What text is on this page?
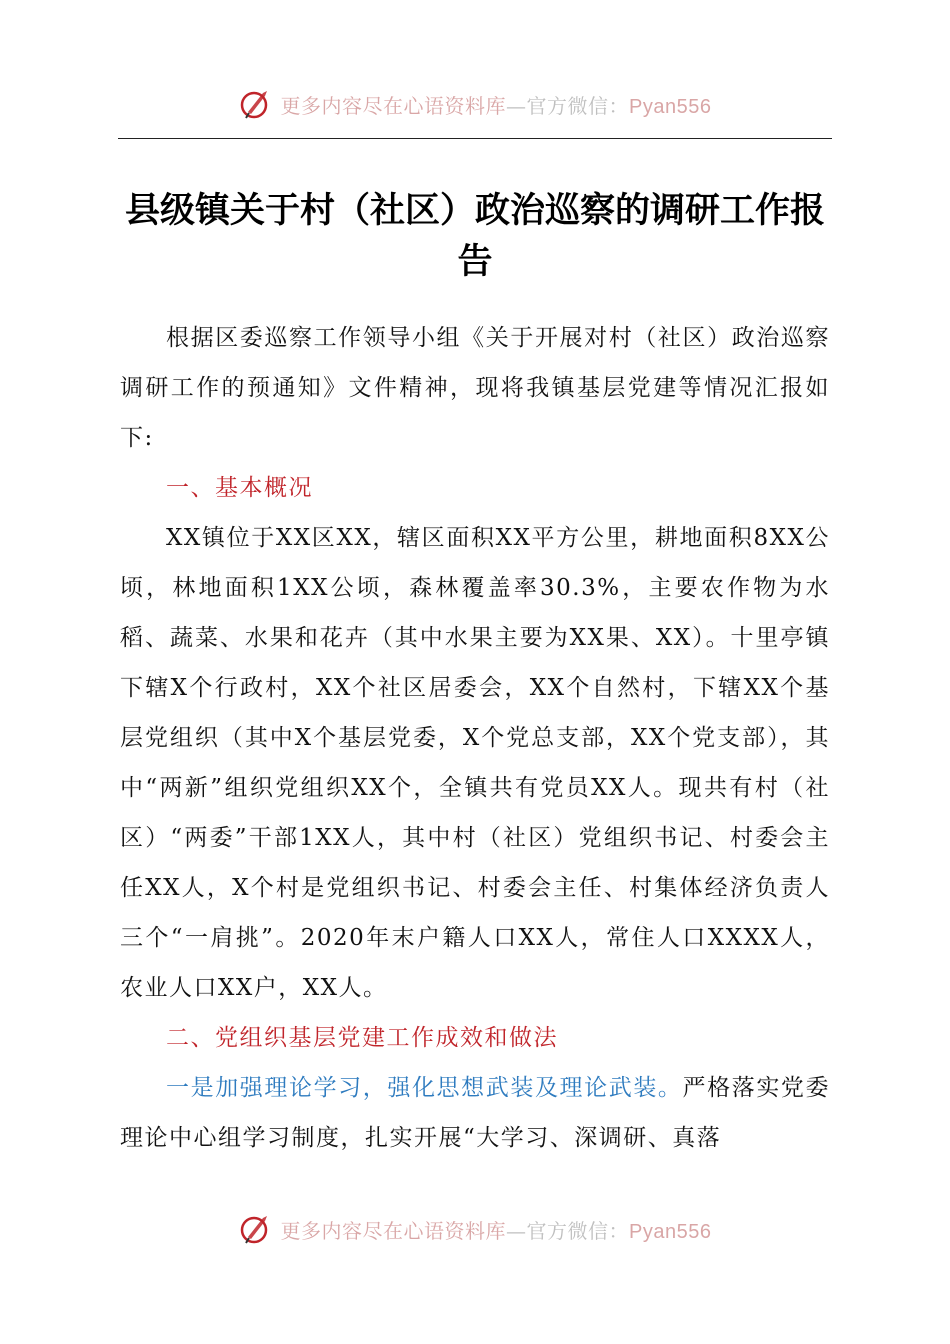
更多内容尽在心语资料库—官方微信：Pyan556
县级镇关于村（社区）政治巡察的调研工作报告

根据区委巡察工作领导小组《关于开展对村（社区）政治巡察调研工作的预通知》文件精神，现将我镇基层党建等情况汇报如下:

一、基本概况

XX镇位于XX区XX，辖区面积XX平方公里，耕地面积8XX公顷，林地面积1XX公顷，森林覆盖率30.3%，主要农作物为水稻、蔬菜、水果和花卉（其中水果主要为XX果、XX）。十里亭镇下辖X个行政村，XX个社区居委会，XX个自然村，下辖XX个基层党组织（其中X个基层党委，X个党总支部，XX个党支部），其中“两新”组织党组织XX个，全镇共有党员XX人。现共有村（社区）“两委”干部1XX人，其中村（社区）党组织书记、村委会主任XX人，X个村是党组织书记、村委会主任、村集体经济负责人三个“一肩挑”。2020年末户籍人口XX人，常住人口XXXX人，农业人口XX户，XX人。

二、党组织基层党建工作成效和做法

一是加强理论学习，强化思想武装及理论武装。严格落实党委理论中心组学习制度，扎实开展“大学习、深调研、真落

更多内容尽在心语资料库—官方微信：Pyan556
